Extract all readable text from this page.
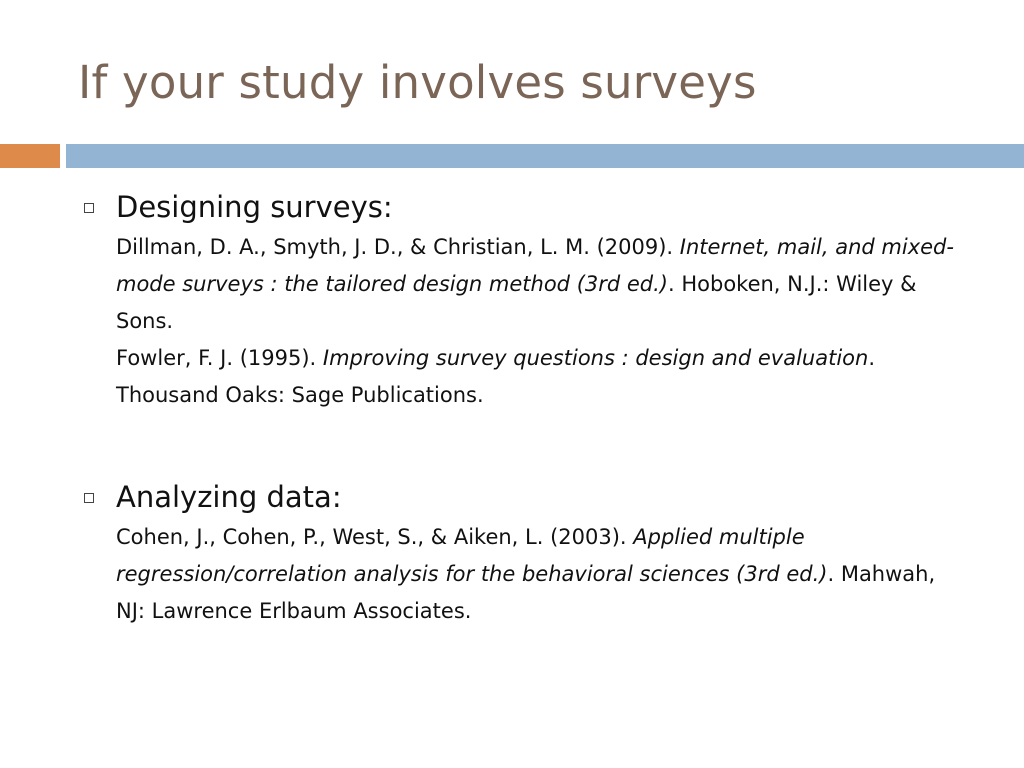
If your study involves surveys
Designing surveys:
Dillman, D. A., Smyth, J. D., & Christian, L. M. (2009). Internet, mail, and mixed-mode surveys : the tailored design method (3rd ed.). Hoboken, N.J.: Wiley & Sons.
Fowler, F. J. (1995). Improving survey questions : design and evaluation. Thousand Oaks: Sage Publications.
Analyzing data:
Cohen, J., Cohen, P., West, S., & Aiken, L. (2003). Applied multiple regression/correlation analysis for the behavioral sciences (3rd ed.). Mahwah, NJ: Lawrence Erlbaum Associates.
